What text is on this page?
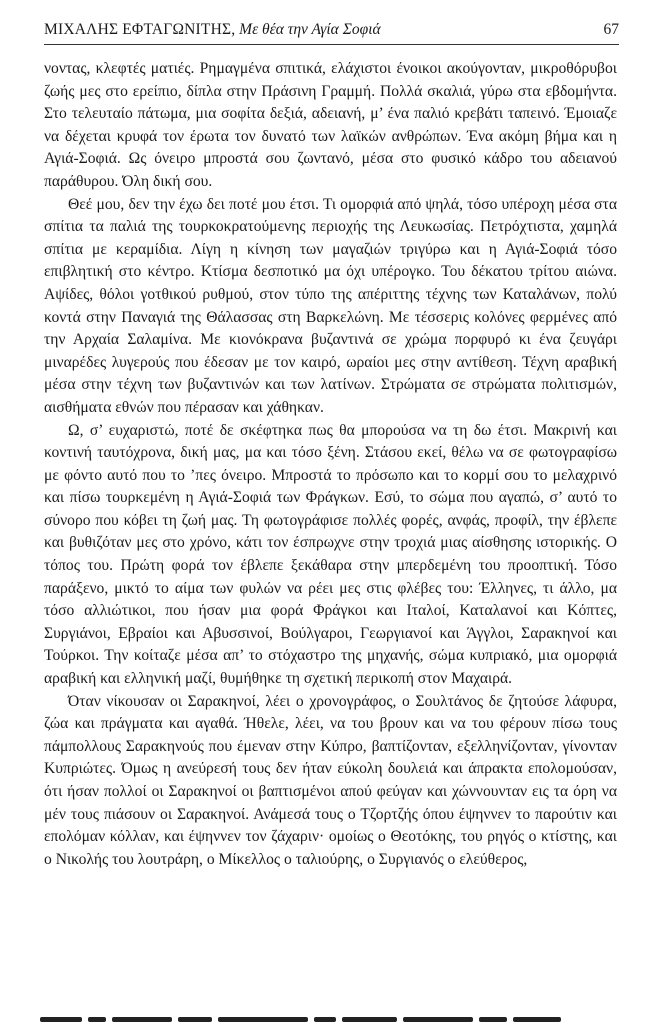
ΜΙΧΑΛΗΣ ΕΦΤΑΓΩΝΙΤΗΣ, Με θέα την Αγία Σοφιά	67

νοντας, κλεφτές ματιές. Ρημαγμένα σπιτικά, ελάχιστοι ένοικοι ακούγονταν, μικροθόρυβοι ζωής μες στο ερείπιο, δίπλα στην Πράσινη Γραμμή. Πολλά σκαλιά, γύρω στα εβδομήντα. Στο τελευταίο πάτωμα, μια σοφίτα δεξιά, αδειανή, μ’ ένα παλιό κρεβάτι ταπεινό. Έμοιαζε να δέχεται κρυφά τον έρωτα τον δυνατό των λαϊκών ανθρώπων. Ένα ακόμη βήμα και η Αγιά-Σοφιά. Ως όνειρο μπροστά σου ζωντανό, μέσα στο φυσικό κάδρο του αδειανού παράθυρου. Όλη δική σου.

Θεέ μου, δεν την έχω δει ποτέ μου έτσι. Τι ομορφιά από ψηλά, τόσο υπέροχη μέσα στα σπίτια τα παλιά της τουρκοκρατούμενης περιοχής της Λευκωσίας. Πετρόχτιστα, χαμηλά σπίτια με κεραμίδια. Λίγη η κίνηση των μαγαζιών τριγύρω και η Αγιά-Σοφιά τόσο επιβλητική στο κέντρο. Κτίσμα δεσποτικό μα όχι υπέρογκο. Του δέκατου τρίτου αιώνα. Αψίδες, θόλοι γοτθικού ρυθμού, στον τύπο της απέριττης τέχνης των Καταλάνων, πολύ κοντά στην Παναγιά της Θάλασσας στη Βαρκελώνη. Με τέσσερις κολόνες φερμένες από την Αρχαία Σαλαμίνα. Με κιονόκρανα βυζαντινά σε χρώμα πορφυρό κι ένα ζευγάρι μιναρέδες λυγερούς που έδεσαν με τον καιρό, ωραίοι μες στην αντίθεση. Τέχνη αραβική μέσα στην τέχνη των βυζαντινών και των λατίνων. Στρώματα σε στρώματα πολιτισμών, αισθήματα εθνών που πέρασαν και χάθηκαν.

Ω, σ’ ευχαριστώ, ποτέ δε σκέφτηκα πως θα μπορούσα να τη δω έτσι. Μακρινή και κοντινή ταυτόχρονα, δική μας, μα και τόσο ξένη. Στάσου εκεί, θέλω να σε φωτογραφίσω με φόντο αυτό που το ’πες όνειρο. Μπροστά το πρόσωπο και το κορμί σου το μελαχρινό και πίσω τουρκεμένη η Αγιά-Σοφιά των Φράγκων. Εσύ, το σώμα που αγαπώ, σ’ αυτό το σύνορο που κόβει τη ζωή μας. Τη φωτογράφισε πολλές φορές, ανφάς, προφίλ, την έβλεπε και βυθιζόταν μες στο χρόνο, κάτι τον έσπρωχνε στην τροχιά μιας αίσθησης ιστορικής. Ο τόπος του. Πρώτη φορά τον έβλεπε ξεκάθαρα στην μπερδεμένη του προοπτική. Τόσο παράξενο, μικτό το αίμα των φυλών να ρέει μες στις φλέβες του: Έλληνες, τι άλλο, μα τόσο αλλιώτικοι, που ήσαν μια φορά Φράγκοι και Ιταλοί, Καταλανοί και Κόπτες, Συργιάνοι, Εβραίοι και Αβυσσινοί, Βούλγαροι, Γεωργιανοί και Άγγλοι, Σαρακηνοί και Τούρκοι. Την κοίταζε μέσα απ’ το στόχαστρο της μηχανής, σώμα κυπριακό, μια ομορφιά αραβική και ελληνική μαζί, θυμήθηκε τη σχετική περικοπή στον Μαχαιρά.

Όταν νίκουσαν οι Σαρακηνοί, λέει ο χρονογράφος, ο Σουλτάνος δε ζητούσε λάφυρα, ζώα και πράγματα και αγαθά. Ήθελε, λέει, να του βρουν και να του φέρουν πίσω τους πάμπολλους Σαρακηνούς που έμεναν στην Κύπρο, βαπτίζονταν, εξελληνίζονταν, γίνονταν Κυπριώτες. Όμως η ανεύρεσή τους δεν ήταν εύκολη δουλειά και άπρακτα επολομούσαν, ότι ήσαν πολλοί οι Σαρακηνοί οι βαπτισμένοι απού φεύγαν και χώννουνταν εις τα όρη να μέν τους πιάσουν οι Σαρακηνοί. Ανάμεσά τους ο Τζορτζής όπου έψηννεν το παρούτιν και επολόμαν κόλλαν, και έψηννεν τον ζάχαριν· ομοίως ο Θεοτόκης, του ρηγός ο κτίστης, και ο Νικολής του λουτράρη, ο Μίκελλος ο ταλιούρης, ο Συργιανός ο ελεύθερος,
